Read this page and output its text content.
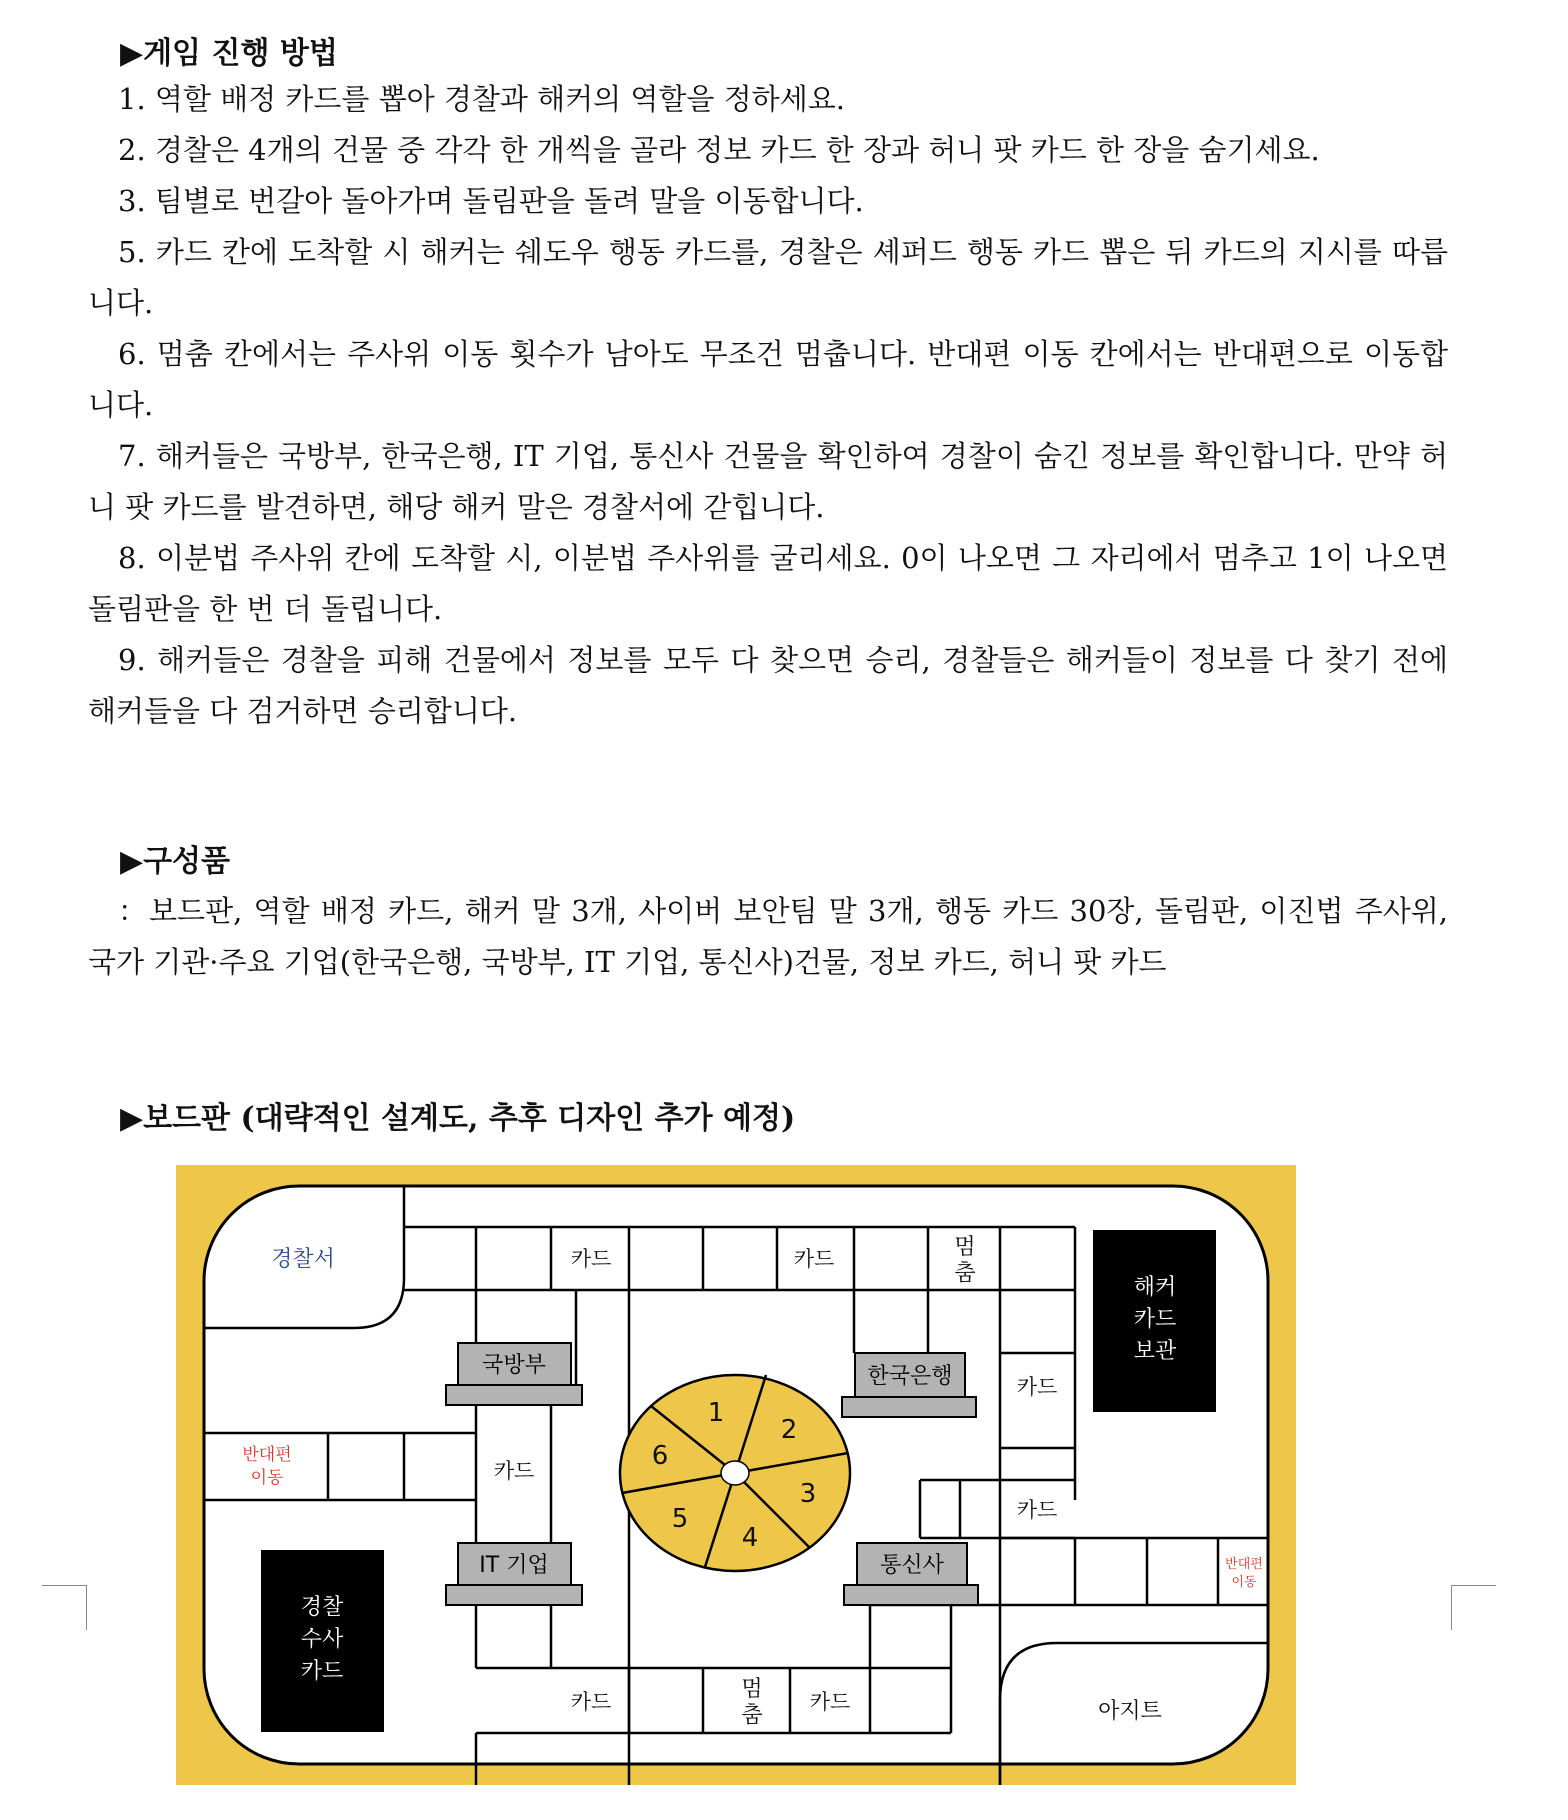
▶게임 진행 방법

1. 역할 배정 카드를 뽑아 경찰과 해커의 역할을 정하세요.

2. 경찰은 4개의 건물 중 각각 한 개씩을 골라 정보 카드 한 장과 허니 팟 카드 한 장을 숨기세요.

3. 팀별로 번갈아 돌아가며 돌림판을 돌려 말을 이동합니다.

5. 카드 칸에 도착할 시 해커는 쉐도우 행동 카드를, 경찰은 셰퍼드 행동 카드 뽑은 뒤 카드의 지시를 따릅니다.

6. 멈춤 칸에서는 주사위 이동 횟수가 남아도 무조건 멈춥니다. 반대편 이동 칸에서는 반대편으로 이동합니다.

7. 해커들은 국방부, 한국은행, IT 기업, 통신사 건물을 확인하여 경찰이 숨긴 정보를 확인합니다. 만약 허니 팟 카드를 발견하면, 해당 해커 말은 경찰서에 갇힙니다.

8. 이분법 주사위 칸에 도착할 시, 이분법 주사위를 굴리세요. 0이 나오면 그 자리에서 멈추고 1이 나오면 돌림판을 한 번 더 돌립니다.

9. 해커들은 경찰을 피해 건물에서 정보를 모두 다 찾으면 승리, 경찰들은 해커들이 정보를 다 찾기 전에 해커들을 다 검거하면 승리합니다.

▶구성품

：보드판, 역할 배정 카드, 해커 말 3개, 사이버 보안팀 말 3개, 행동 카드 30장, 돌림판, 이진법 주사위, 국가 기관·주요 기업(한국은행, 국방부, IT 기업, 통신사)건물, 정보 카드, 허니 팟 카드

▶보드판 (대략적인 설계도, 추후 디자인 추가 예정)
국방부	한국은행
IT 기업	통신사
해커
카드
보관
경찰
수사
카드
경찰서
아지트
카드	카드
카드
카드
카드
카드	카드
멈
춤
멈
춤
반대편
이동
반대편
이동
1
2
3
4
5
6
